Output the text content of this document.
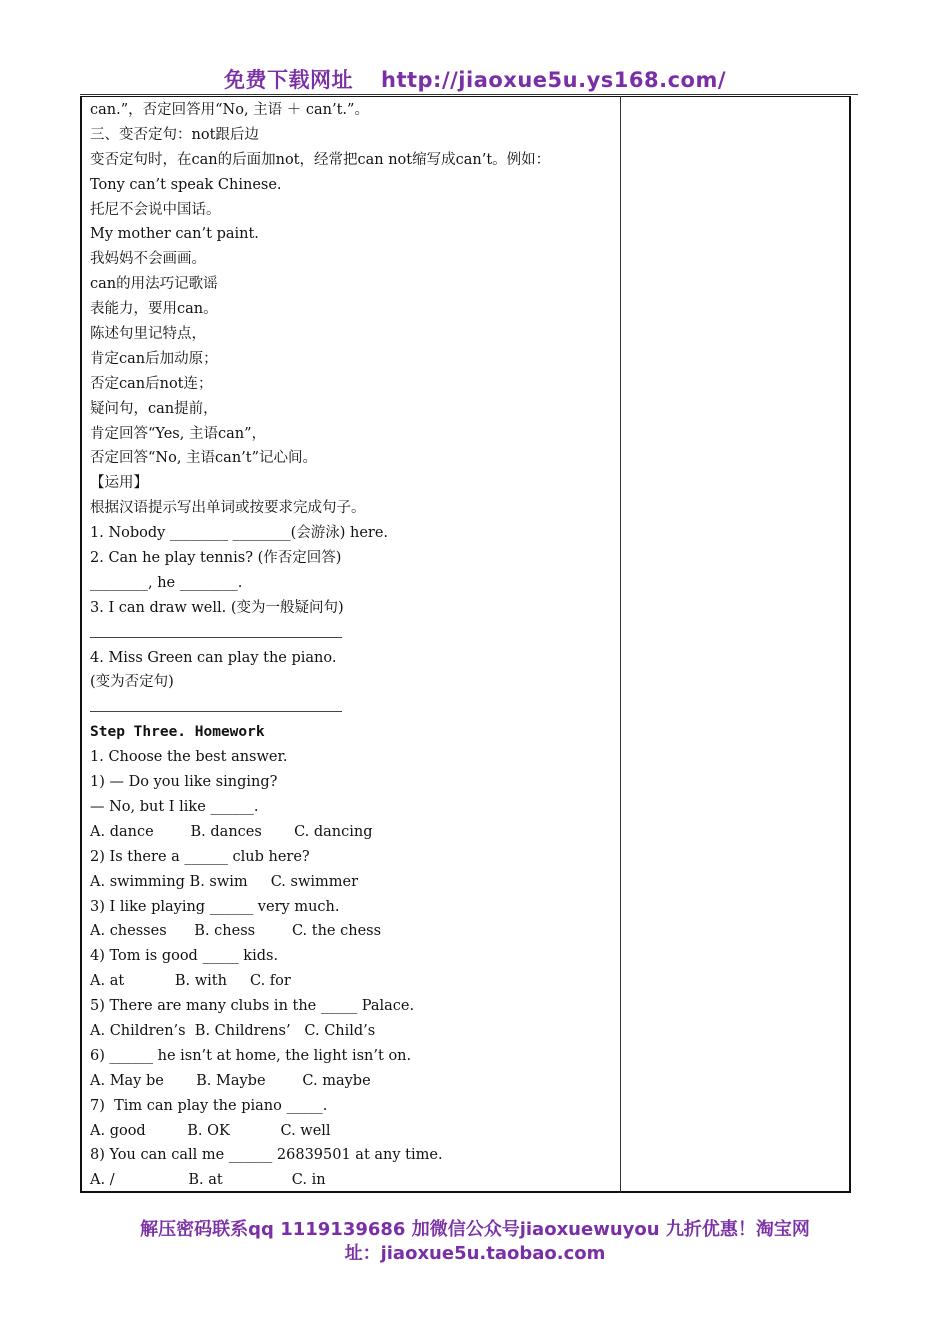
免费下载网址 http://jiaoxue5u.ys168.com/
can.”，否定回答用“No, 主语 ＋ can’t.”。
三、变否定句：not跟后边
变否定句时，在can的后面加not，经常把can not缩写成can’t。例如：
Tony can’t speak Chinese.
托尼不会说中国话。
My mother can’t paint.
我妈妈不会画画。
can的用法巧记歌谣
表能力，要用can。
陈述句里记特点，
肯定can后加动原；
否定can后not连；
疑问句，can提前，
肯定回答“Yes, 主语can”，
否定回答“No, 主语can’t”记心间。
【运用】
根据汉语提示写出单词或按要求完成句子。
1. Nobody ________ ________(会游泳) here.
2. Can he play tennis? (作否定回答)
________, he ________.
3. I can draw well. (变为一般疑问句)
4. Miss Green can play the piano.
(变为否定句)
Step Three. Homework
1. Choose the best answer.
1) — Do you like singing?
— No, but I like ______.
A. dance        B. dances       C. dancing
2) Is there a ______ club here?
A. swimming B. swim     C. swimmer
3) I like playing ______ very much.
A. chesses      B. chess        C. the chess
4) Tom is good _____ kids.
A. at           B. with     C. for
5) There are many clubs in the _____ Palace.
A. Children’s  B. Childrens’   C. Child’s
6) ______ he isn’t at home, the light isn’t on.
A. May be       B. Maybe        C. maybe
7)  Tim can play the piano _____.
A. good         B. OK           C. well
8) You can call me ______ 26839501 at any time.
A. /                B. at               C. in
解压密码联系qq 1119139686 加微信公众号jiaoxuewuyou 九折优惠！淘宝网
址：jiaoxue5u.taobao.com
